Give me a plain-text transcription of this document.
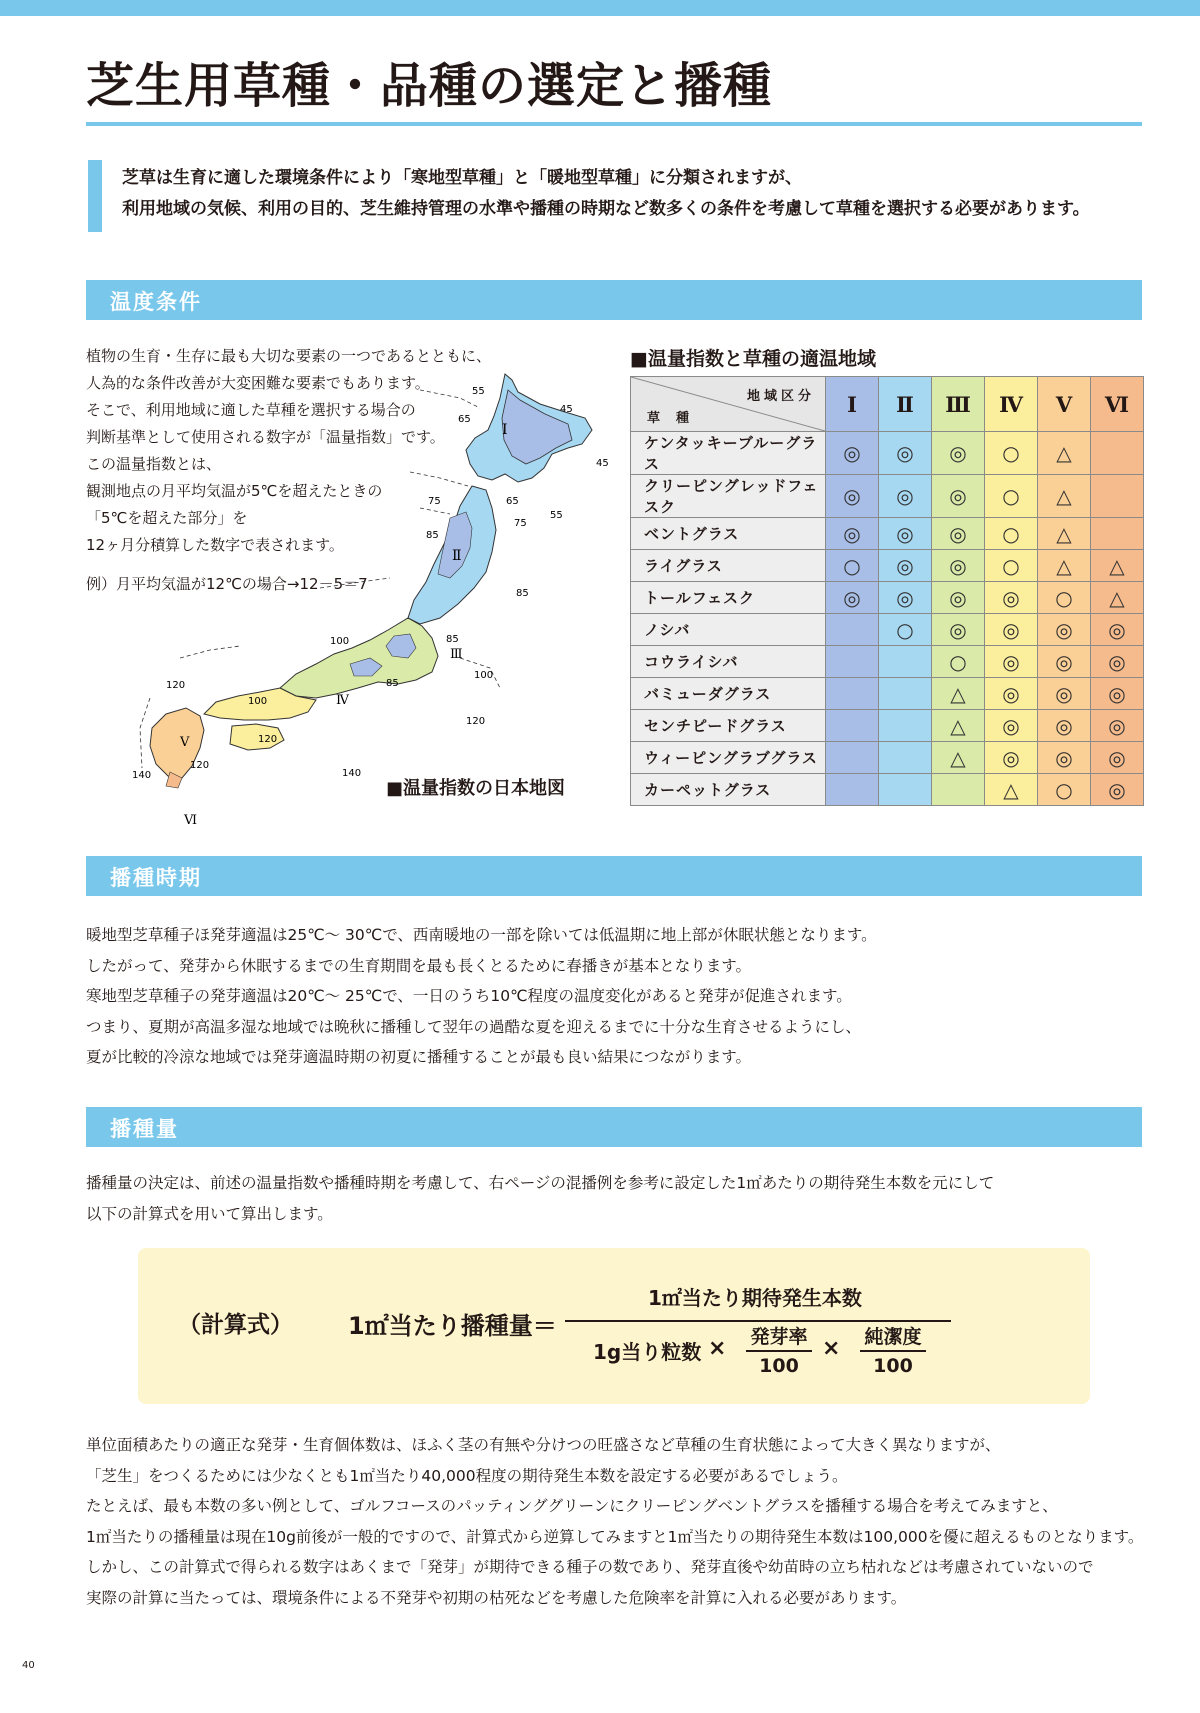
芝生用草種・品種の選定と播種
芝草は生育に適した環境条件により「寒地型草種」と「暖地型草種」に分類されますが、
利用地域の気候、利用の目的、芝生維持管理の水準や播種の時期など数多くの条件を考慮して草種を選択する必要があります。
温度条件
植物の生育・生存に最も大切な要素の一つであるとともに、
人為的な条件改善が大変困難な要素でもあります。
そこで、利用地域に適した草種を選択する場合の
判断基準として使用される数字が「温量指数」です。
この温量指数とは、
観測地点の月平均気温が5℃を超えたときの
「5℃を超えた部分」を
12ヶ月分積算した数字で表されます。
例）月平均気温が12℃の場合→12－5＝7
Ⅰ
Ⅱ
Ⅲ
Ⅳ
Ⅴ
Ⅵ
55
45
65
45
75	65
55
75
85
85
100	85
85
100
120
100
120
120
140
120
140
■温量指数の日本地図
■温量指数と草種の適温地域
地域区分
草種	Ⅰ	Ⅱ	Ⅲ	Ⅳ	Ⅴ	Ⅵ
ケンタッキーブルーグラス	◎	◎	◎	○	△	
クリーピングレッドフェスク	◎	◎	◎	○	△	
ベントグラス	◎	◎	◎	○	△	
ライグラス	○	◎	◎	○	△	△
トールフェスク	◎	◎	◎	◎	○	△
ノシバ		○	◎	◎	◎	◎
コウライシバ			○	◎	◎	◎
バミューダグラス			△	◎	◎	◎
センチピードグラス			△	◎	◎	◎
ウィーピングラブグラス			△	◎	◎	◎
カーペットグラス				△	○	◎
播種時期
暖地型芝草種子ほ発芽適温は25℃～ 30℃で、西南暖地の一部を除いては低温期に地上部が休眠状態となります。
したがって、発芽から休眠するまでの生育期間を最も長くとるために春播きが基本となります。
寒地型芝草種子の発芽適温は20℃～ 25℃で、一日のうち10℃程度の温度変化があると発芽が促進されます。
つまり、夏期が高温多湿な地域では晩秋に播種して翌年の過酷な夏を迎えるまでに十分な生育させるようにし、
夏が比較的冷涼な地域では発芽適温時期の初夏に播種することが最も良い結果につながります。
播種量
播種量の決定は、前述の温量指数や播種時期を考慮して、右ページの混播例を参考に設定した1㎡あたりの期待発生本数を元にして
以下の計算式を用いて算出します。
（計算式） 1㎡当たり播種量＝
1㎡当たり期待発生本数
1g当り粒数 × 発芽率
100
× 純潔度
100
単位面積あたりの適正な発芽・生育個体数は、ほふく茎の有無や分けつの旺盛さなど草種の生育状態によって大きく異なりますが、
「芝生」をつくるためには少なくとも1㎡当たり40,000程度の期待発生本数を設定する必要があるでしょう。
たとえば、最も本数の多い例として、ゴルフコースのパッティンググリーンにクリーピングベントグラスを播種する場合を考えてみますと、
1㎡当たりの播種量は現在10g前後が一般的ですので、計算式から逆算してみますと1㎡当たりの期待発生本数は100,000を優に超えるものとなります。
しかし、この計算式で得られる数字はあくまで「発芽」が期待できる種子の数であり、発芽直後や幼苗時の立ち枯れなどは考慮されていないので
実際の計算に当たっては、環境条件による不発芽や初期の枯死などを考慮した危険率を計算に入れる必要があります。
40
